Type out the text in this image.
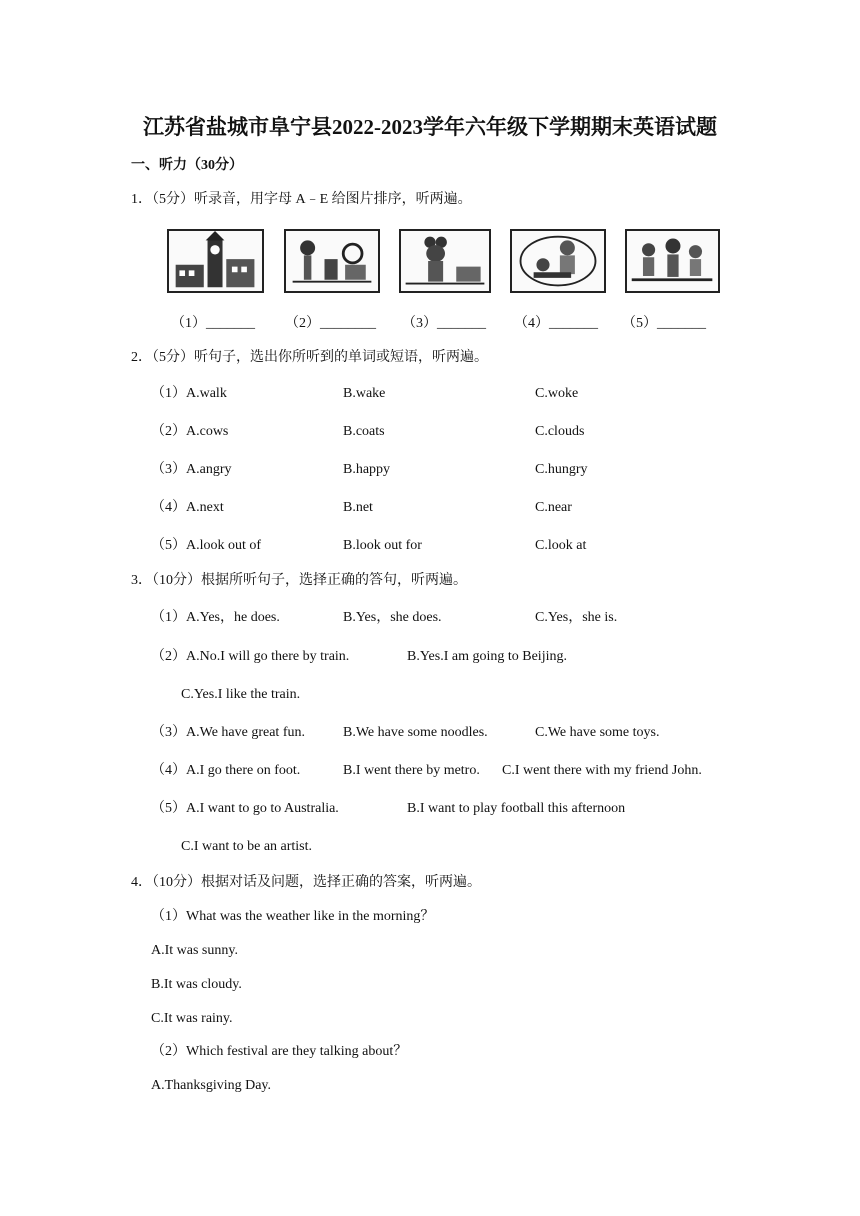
江苏省盐城市阜宁县2022-2023学年六年级下学期期末英语试题
一、听力（30分）
1．（5分）听录音，用字母 A﹣E 给图片排序，听两遍。
（1）_______ （2）________ （3）_______ （4）_______ （5）_______
2．（5分）听句子，选出你所听到的单词或短语，听两遍。
（1）A.walk	B.wake	C.woke
（2）A.cows	B.coats	C.clouds
（3）A.angry	B.happy	C.hungry
（4）A.next	B.net	C.near
（5）A.look out of	B.look out for	C.look at
3．（10分）根据所听句子，选择正确的答句，听两遍。
（1）A.Yes，he does.	B.Yes，she does.	C.Yes，she is.
（2）A.No.I will go there by train.	B.Yes.I am going to Beijing.
C.Yes.I like the train.
（3）A.We have great fun.	B.We have some noodles.	C.We have some toys.
（4）A.I go there on foot.	B.I went there by metro. C.I went there with my friend John.
（5）A.I want to go to Australia.	B.I want to play football this afternoon
C.I want to be an artist.
4．（10分）根据对话及问题，选择正确的答案，听两遍。
（1）What was the weather like in the morning？
A.It was sunny.
B.It was cloudy.
C.It was rainy.
（2）Which festival are they talking about？
A.Thanksgiving Day.
